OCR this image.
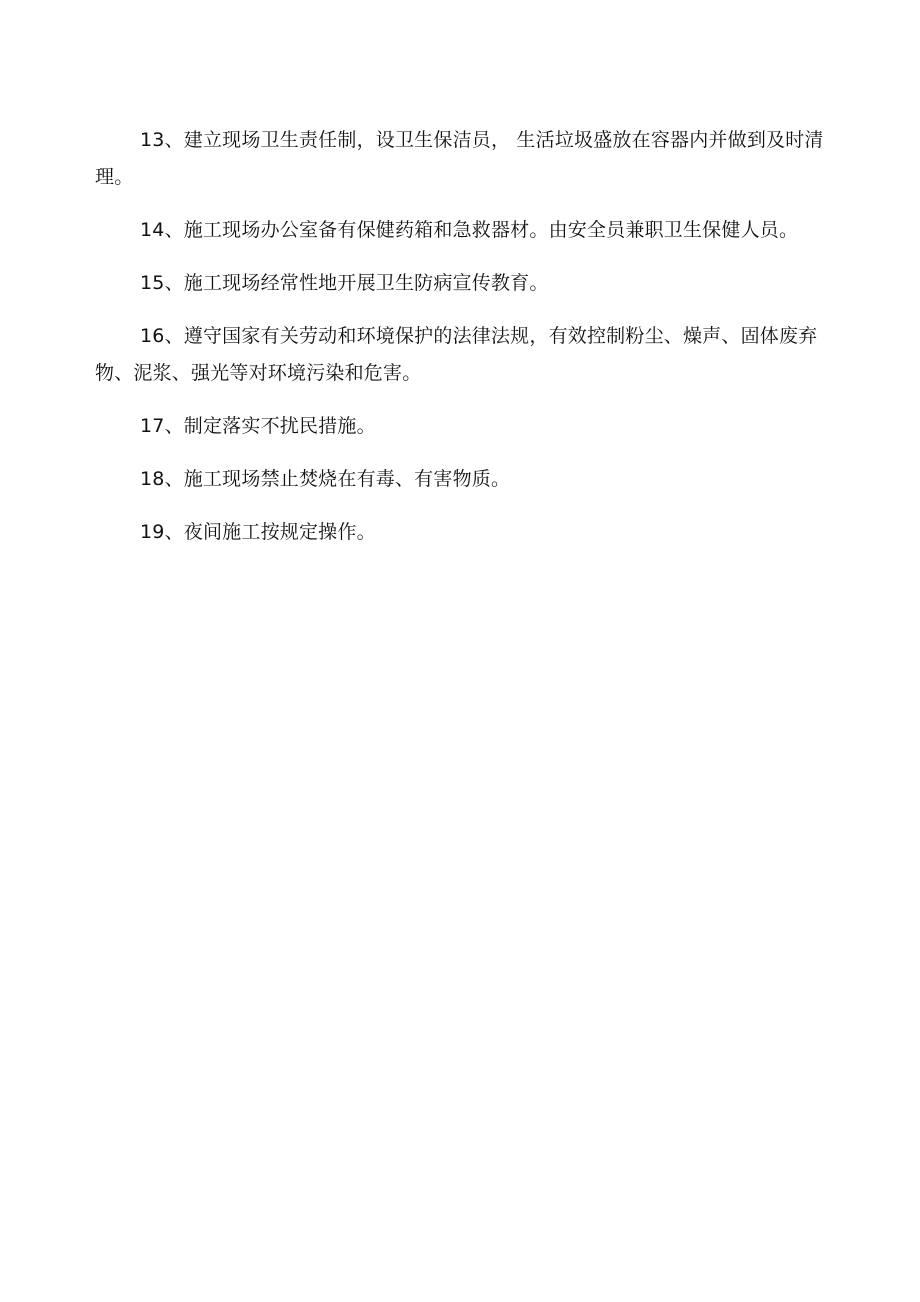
13、建立现场卫生责任制，设卫生保洁员， 生活垃圾盛放在容器内并做到及时清理。

14、施工现场办公室备有保健药箱和急救器材。由安全员兼职卫生保健人员。

15、施工现场经常性地开展卫生防病宣传教育。

16、遵守国家有关劳动和环境保护的法律法规，有效控制粉尘、燥声、固体废弃物、泥浆、强光等对环境污染和危害。

17、制定落实不扰民措施。

18、施工现场禁止焚烧在有毒、有害物质。

19、夜间施工按规定操作。
